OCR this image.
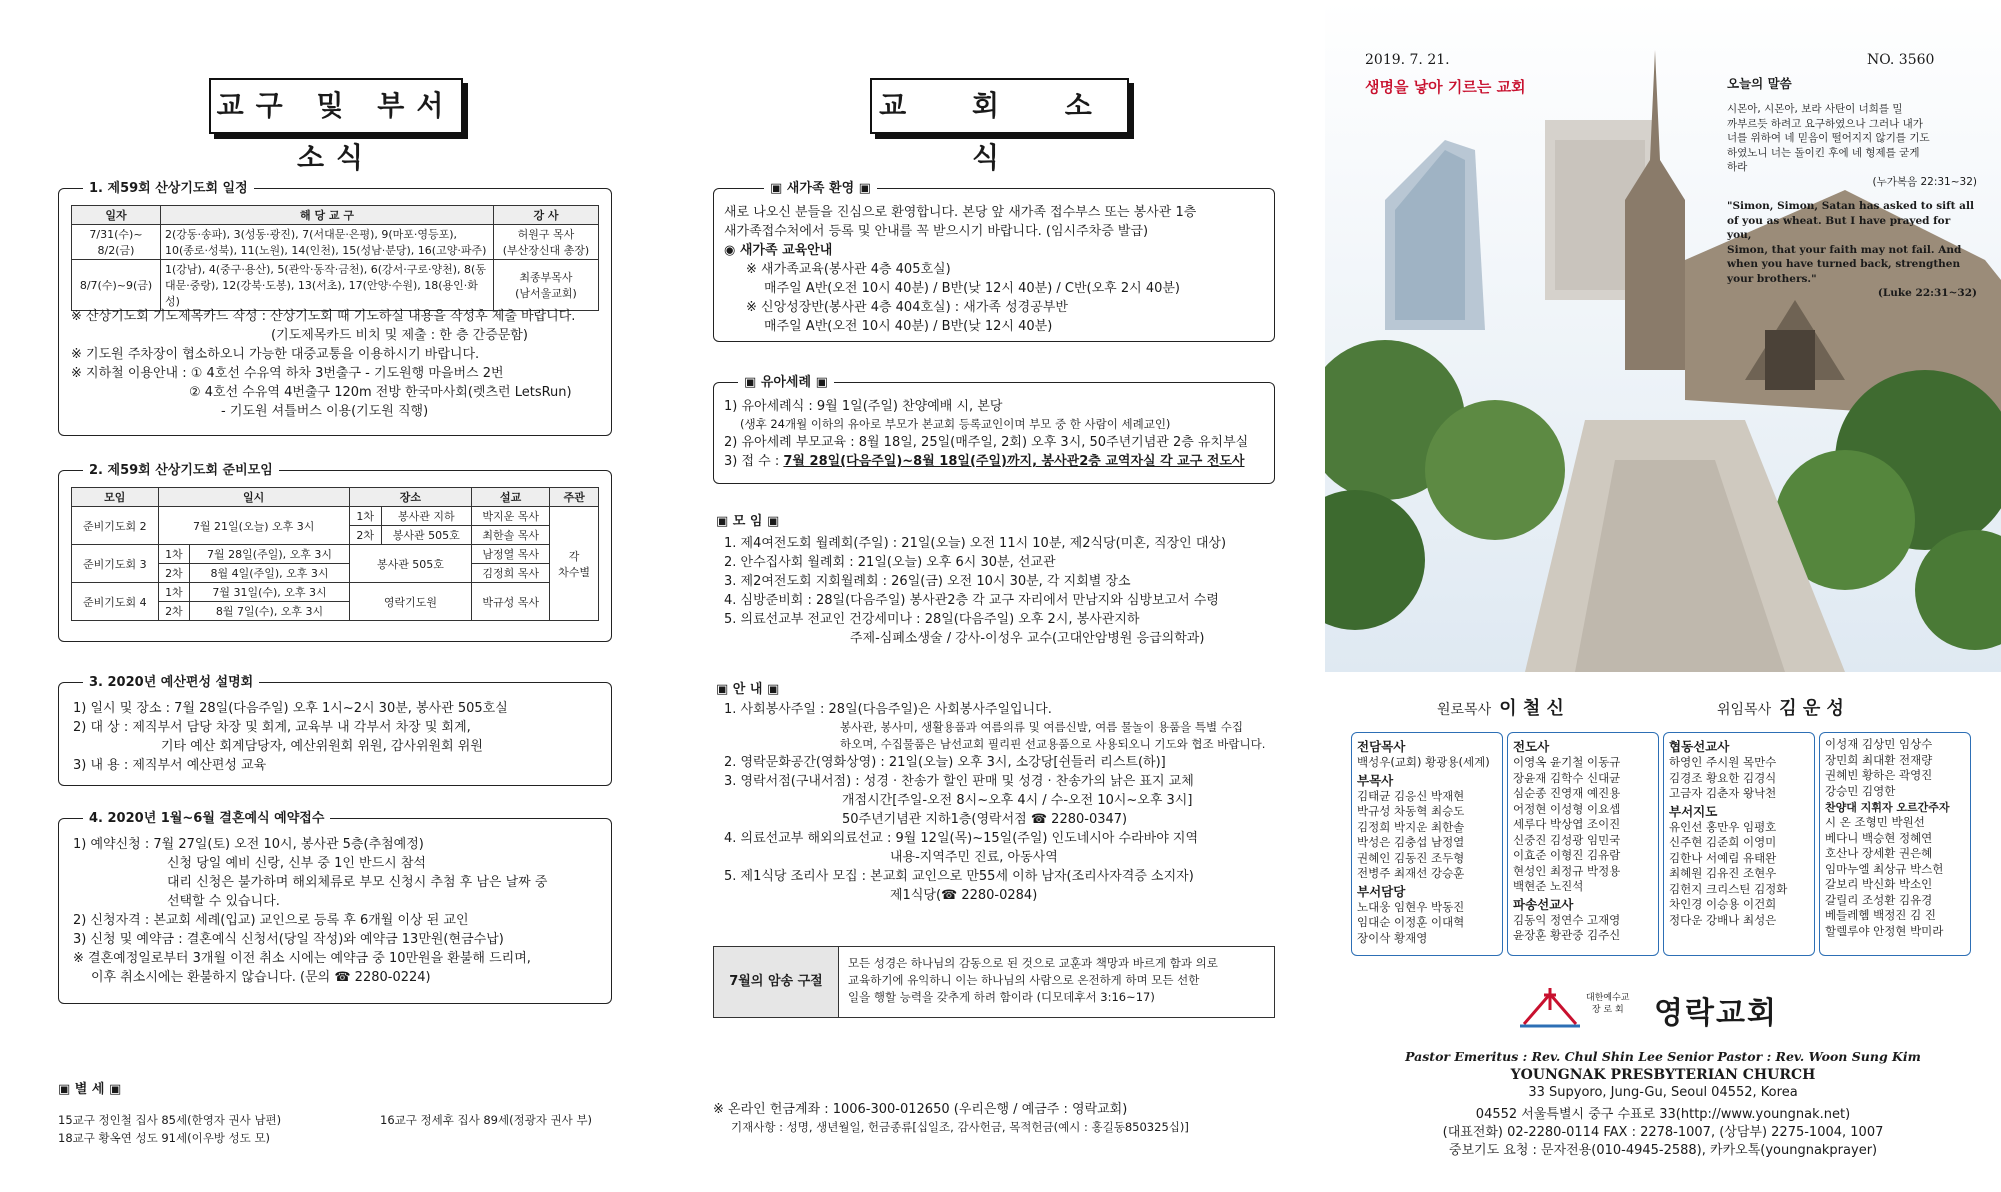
교구 및 부서소식
1. 제59회 산상기도회 일정
일자	해 당 교 구	강 사
7/31(수)~
8/2(금)	2(강동·송파), 3(성동·광진), 7(서대문·은평), 9(마포·영등포), 10(종로·성북), 11(노원), 14(인천), 15(성남·분당), 16(고양·파주)	허원구 목사
(부산장신대 총장)
8/7(수)~9(금)	1(강남), 4(중구·용산), 5(관악·동작·금천), 6(강서·구로·양천), 8(동대문·중랑), 12(강북·도봉), 13(서초), 17(안양·수원), 18(용인·화성)	최종부목사
(남서울교회)
※ 산상기도회 기도제목카드 작성 : 산상기도회 때 기도하실 내용을 작성후 제출 바랍니다.
(기도제목카드 비치 및 제출 : 한 층 간증문함)
※ 기도원 주차장이 협소하오니 가능한 대중교통을 이용하시기 바랍니다.
※ 지하철 이용안내 : ① 4호선 수유역 하차 3번출구 - 기도원행 마을버스 2번
② 4호선 수유역 4번출구 120m 전방 한국마사회(렛츠런 LetsRun)
- 기도원 셔틀버스 이용(기도원 직행)
2. 제59회 산상기도회 준비모임
모임	일시		장소		설교	주관
준비기도회 2	7월 21일(오늘) 오후 3시		1차	봉사관 지하	박지운 목사	각
차수별
			2차	봉사관 505호	최한솔 목사	
준비기도회 3	1차	7월 28일(주일), 오후 3시	봉사관 505호		남정열 목사	
	2차	8월 4일(주일), 오후 3시			김정희 목사	
준비기도회 4	1차	7월 31일(수), 오후 3시	영락기도원		박규성 목사	
	2차	8월 7일(수), 오후 3시				
3. 2020년 예산편성 설명회
1) 일시 및 장소 : 7월 28일(다음주일) 오후 1시~2시 30분, 봉사관 505호실
2) 대 상 : 제직부서 담당 차장 및 회계, 교육부 내 각부서 차장 및 회계,
기타 예산 회계담당자, 예산위원회 위원, 감사위원회 위원
3) 내 용 : 제직부서 예산편성 교육
4. 2020년 1월~6월 결혼예식 예약접수
1) 예약신청 : 7월 27일(토) 오전 10시, 봉사관 5층(추첨예정)
신청 당일 예비 신랑, 신부 중 1인 반드시 참석
대리 신청은 불가하며 해외체류로 부모 신청시 추첨 후 남은 날짜 중
선택할 수 있습니다.
2) 신청자격 : 본교회 세례(입교) 교인으로 등록 후 6개월 이상 된 교인
3) 신청 및 예약금 : 결혼예식 신청서(당일 작성)와 예약금 13만원(현금수납)
※ 결혼예정일로부터 3개월 이전 취소 시에는 예약금 중 10만원을 환불해 드리며,
이후 취소시에는 환불하지 않습니다. (문의 ☎ 2280-0224)
▣ 별 세 ▣
15교구 정인철 집사 85세(한영자 권사 남편)	16교구 정세후 집사 89세(정광자 권사 부)
18교구 황옥연 성도 91세(이우방 성도 모)
교 회 소 식
▣ 새가족 환영 ▣
새로 나오신 분들을 진심으로 환영합니다. 본당 앞 새가족 접수부스 또는 봉사관 1층
새가족접수처에서 등록 및 안내를 꼭 받으시기 바랍니다. (임시주차증 발급)
◉ 새가족 교육안내
※ 새가족교육(봉사관 4층 405호실)
매주일 A반(오전 10시 40분) / B반(낮 12시 40분) / C반(오후 2시 40분)
※ 신앙성장반(봉사관 4층 404호실) : 새가족 성경공부반
매주일 A반(오전 10시 40분) / B반(낮 12시 40분)
▣ 유아세례 ▣
1) 유아세례식 : 9월 1일(주일) 찬양예배 시, 본당
(생후 24개월 이하의 유아로 부모가 본교회 등록교인이며 부모 중 한 사람이 세례교인)
2) 유아세례 부모교육 : 8월 18일, 25일(매주일, 2회) 오후 3시, 50주년기념관 2층 유치부실
3) 접 수 : 7월 28일(다음주일)~8월 18일(주일)까지, 봉사관2층 교역자실 각 교구 전도사
▣ 모 임 ▣
1. 제4여전도회 월례회(주일) : 21일(오늘) 오전 11시 10분, 제2식당(미혼, 직장인 대상)
2. 안수집사회 월례회 : 21일(오늘) 오후 6시 30분, 선교관
3. 제2여전도회 지회월례회 : 26일(금) 오전 10시 30분, 각 지회별 장소
4. 심방준비회 : 28일(다음주일) 봉사관2층 각 교구 자리에서 만남지와 심방보고서 수령
5. 의료선교부 전교인 건강세미나 : 28일(다음주일) 오후 2시, 봉사관지하
주제-심폐소생술 / 강사-이성우 교수(고대안암병원 응급의학과)
▣ 안 내 ▣
1. 사회봉사주일 : 28일(다음주일)은 사회봉사주일입니다.
봉사관, 봉사미, 생활용품과 여름의류 및 여름신발, 여름 물놀이 용품을 특별 수집
하오며, 수집물품은 남선교회 필리핀 선교용품으로 사용되오니 기도와 협조 바랍니다.
2. 영락문화공간(영화상영) : 21일(오늘) 오후 3시, 소강당[쉰들러 리스트(하)]
3. 영락서점(구내서점) : 성경 · 찬송가 할인 판매 및 성경 · 찬송가의 낡은 표지 교체
개점시간[주일-오전 8시~오후 4시 / 수-오전 10시~오후 3시]
50주년기념관 지하1층(영락서점 ☎ 2280-0347)
4. 의료선교부 해외의료선교 : 9월 12일(목)~15일(주일) 인도네시아 수라바야 지역
내용-지역주민 진료, 아동사역
5. 제1식당 조리사 모집 : 본교회 교인으로 만55세 이하 남자(조리사자격증 소지자)
제1식당(☎ 2280-0284)
7월의 암송 구절
모든 성경은 하나님의 감동으로 된 것으로 교훈과 책망과 바르게 함과 의로
교육하기에 유익하니 이는 하나님의 사람으로 온전하게 하며 모든 선한
일을 행할 능력을 갖추게 하려 함이라 (디모데후서 3:16~17)
※ 온라인 헌금계좌 : 1006-300-012650 (우리은행 / 예금주 : 영락교회)
기재사항 : 성명, 생년월일, 헌금종류[십일조, 감사헌금, 목적헌금(예시 : 홍길동850325십)]
2019. 7. 21.	NO. 3560
생명을 낳아 기르는 교회	오늘의 말씀
시몬아, 시몬아, 보라 사탄이 너희를 밀
까부르듯 하려고 요구하였으나 그러나 내가
너를 위하여 네 믿음이 떨어지지 않기를 기도
하였노니 너는 돌이킨 후에 네 형제를 굳게
하라
(누가복음 22:31~32)
"Simon, Simon, Satan has asked to sift all
of you as wheat. But I have prayed for you,
Simon, that your faith may not fail. And
when you have turned back, strengthen
your brothers."
(Luke 22:31~32)
원로목사 이 철 신	위임목사 김 운 성
전담목사
백성우(교회) 황광용(세계)
부목사
김태균 김응신 박재현
박규성 차동혁 최승도
김정희 박지운 최한솔
박성은 김충섭 남정열
권혜인 김동진 조두형
전병주 최재선 강승훈
부서담당
노대웅 임현우 박동진
임대순 이정훈 이대혁
장이삭 황재영
전도사
이영옥 윤기철 이동규
장윤재 김학수 신대균
심순종 진영재 예진용
어정현 이성형 이요셉
세루다 박상엽 조이진
신중진 김성광 임민국
이효준 이형진 김유람
현성인 최정규 박정용
백현준 노진석
파송선교사
김동익 정연수 고재영
윤장훈 황관중 김주신
협동선교사
하영인 주시원 목만수
김경조 황요한 김경식
고금자 김춘자 왕낙천
부서지도
유인선 홍만우 임평호
신주현 김준희 이영미
김한나 서예림 유태완
최혜원 김유진 조현우
김헌지 크리스틴 김정화
차인경 이승용 이건희
정다운 강배나 최성은
이성재 김상민 임상수
장민희 최대환 전재량
권혜빈 황하은 곽영진
강승민 김영한
찬양대 지휘자 오르간주자
시 온 조형민 박원선
베다니 백승현 정혜연
호산나 장세환 권은혜
임마누엘 최상규 박스헌
갈보리 박신화 박소인
갈릴리 조성환 김유경
베들레헴 백정진 김 진
할렐루야 안정현 박미라
대한예수교
장 로 회 영락교회
Pastor Emeritus : Rev. Chul Shin Lee Senior Pastor : Rev. Woon Sung Kim
YOUNGNAK PRESBYTERIAN CHURCH
33 Supyoro, Jung-Gu, Seoul 04552, Korea
04552 서울특별시 중구 수표로 33(http://www.youngnak.net)
(대표전화) 02-2280-0114 FAX : 2278-1007, (상담부) 2275-1004, 1007
중보기도 요청 : 문자전용(010-4945-2588), 카카오톡(youngnakprayer)
